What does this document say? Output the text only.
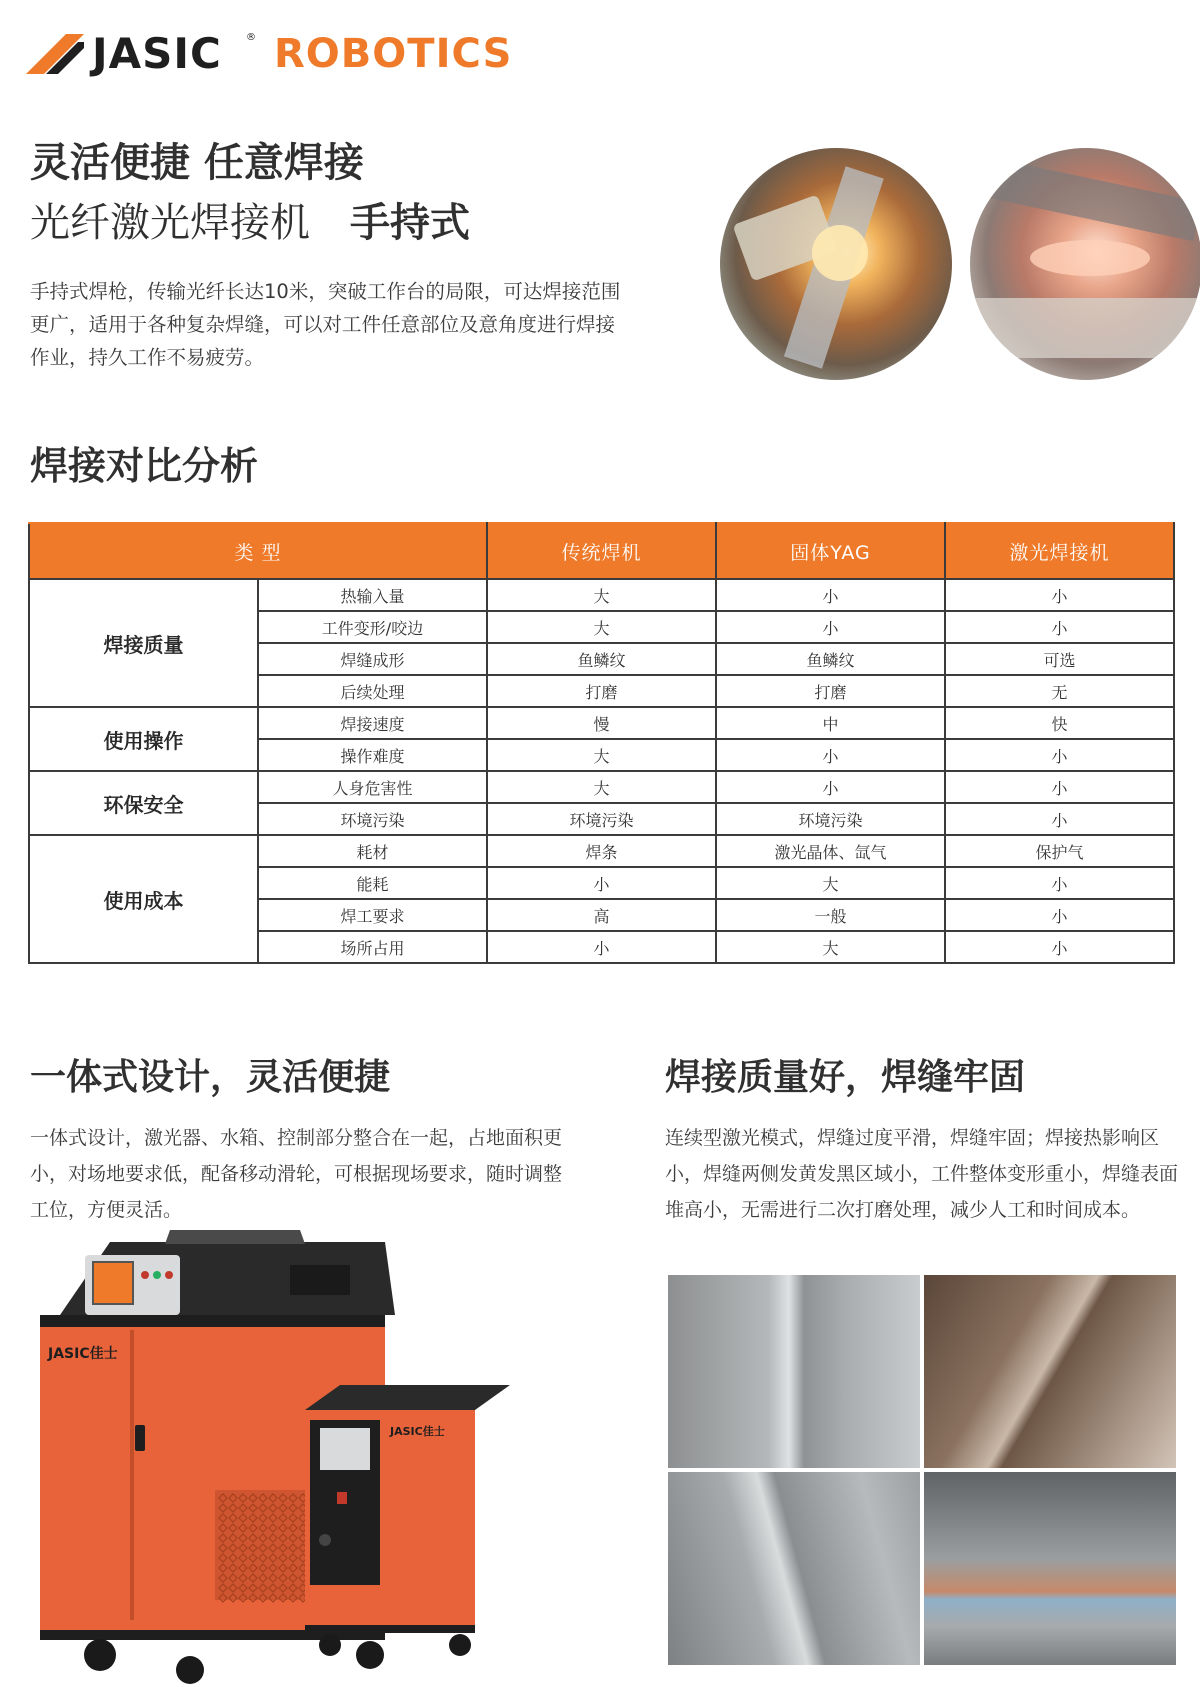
JASIC ® ROBOTICS
灵活便捷 任意焊接
光纤激光焊接机 手持式
手持式焊枪，传输光纤长达10米，突破工作台的局限，可达焊接范围更广，适用于各种复杂焊缝，可以对工件任意部位及意角度进行焊接作业，持久工作不易疲劳。
焊接对比分析
类 型		传统焊机	固体YAG	激光焊接机
焊接质量	热输入量	大	小	小
	工件变形/咬边	大	小	小
	焊缝成形	鱼鳞纹	鱼鳞纹	可选
	后续处理	打磨	打磨	无
使用操作	焊接速度	慢	中	快
	操作难度	大	小	小
环保安全	人身危害性	大	小	小
	环境污染	环境污染	环境污染	小
使用成本	耗材	焊条	激光晶体、氙气	保护气
	能耗	小	大	小
	焊工要求	高	一般	小
	场所占用	小	大	小
一体式设计，灵活便捷
一体式设计，激光器、水箱、控制部分整合在一起，占地面积更小，对场地要求低，配备移动滑轮，可根据现场要求，随时调整工位，方便灵活。
JASIC佳士
JASIC佳士
焊接质量好，焊缝牢固
连续型激光模式，焊缝过度平滑，焊缝牢固；焊接热影响区小，焊缝两侧发黄发黑区域小，工件整体变形重小，焊缝表面堆高小，无需进行二次打磨处理，减少人工和时间成本。
